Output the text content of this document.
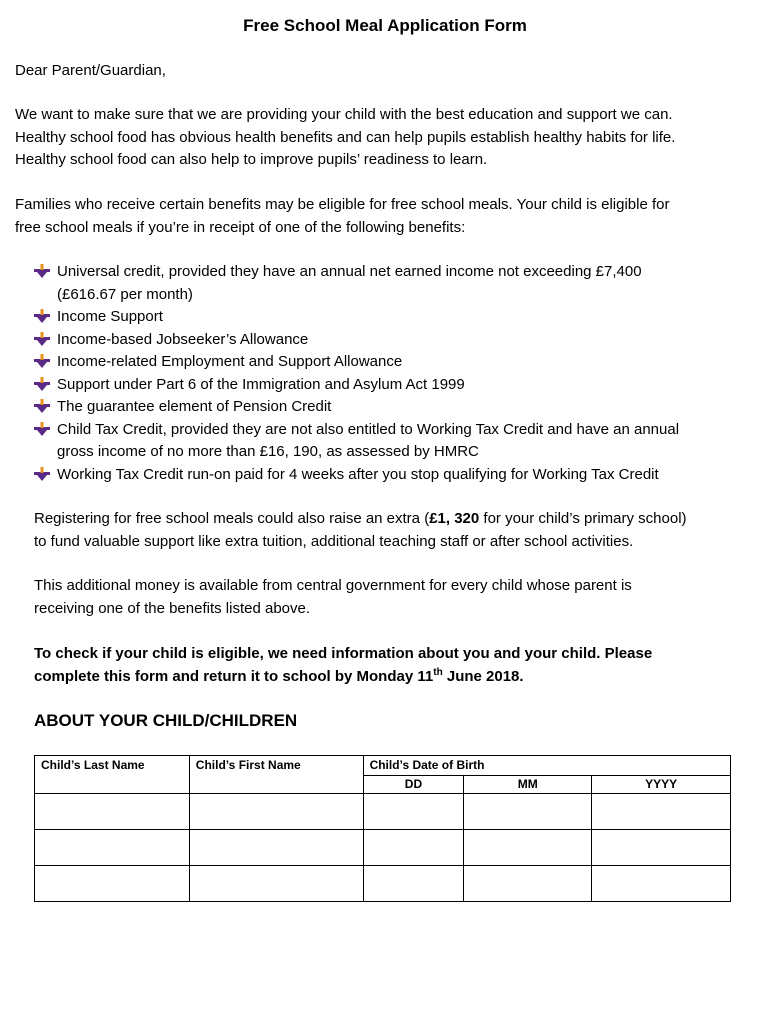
Free School Meal Application Form
Dear Parent/Guardian,
We want to make sure that we are providing your child with the best education and support we can.
Healthy school food has obvious health benefits and can help pupils establish healthy habits for life.
Healthy school food can also help to improve pupils’ readiness to learn.
Families who receive certain benefits may be eligible for free school meals. Your child is eligible for
free school meals if you’re in receipt of one of the following benefits:
Universal credit, provided they have an annual net earned income not exceeding £7,400
(£616.67 per month)
Income Support
Income-based Jobseeker’s Allowance
Income-related Employment and Support Allowance
Support under Part 6 of the Immigration and Asylum Act 1999
The guarantee element of Pension Credit
Child Tax Credit, provided they are not also entitled to Working Tax Credit and have an annual
gross income of no more than £16, 190, as assessed by HMRC
Working Tax Credit run-on paid for 4 weeks after you stop qualifying for Working Tax Credit
Registering for free school meals could also raise an extra (£1, 320 for your child’s primary school)
to fund valuable support like extra tuition, additional teaching staff or after school activities.
This additional money is available from central government for every child whose parent is
receiving one of the benefits listed above.
To check if your child is eligible, we need information about you and your child. Please
complete this form and return it to school by Monday 11th June 2018.
ABOUT YOUR CHILD/CHILDREN
Child’s Last Name	Child’s First Name	Child’s Date of Birth		
		DD	MM	YYYY
